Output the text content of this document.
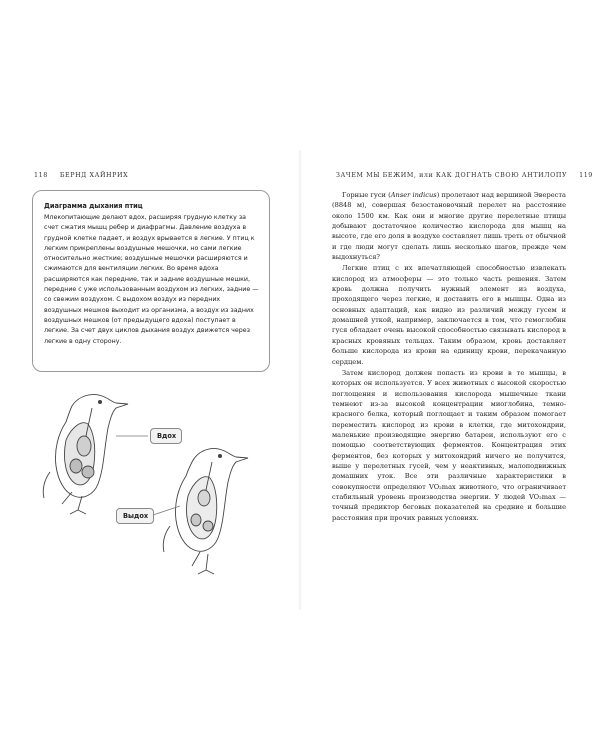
118 БЕРНД ХАЙНРИХ

Диаграмма дыхания птиц

Млекопитающие делают вдох, расширяя грудную клетку за счет сжатия мышц ребер и диафрагмы. Давление воздуха в грудной клетке падает, и воздух врывается в легкие. У птиц к легким прикреплены воздушные мешочки, но сами легкие относительно жесткие; воздушные мешочки расширяются и сжимаются для вентиляции легких. Во время вдоха расширяются как передние, так и задние воздушные мешки, передние с уже использованным воздухом из легких, задние — со свежим воздухом. С выдохом воздух из передних воздушных мешков выходит из организма, а воздух из задних воздушных мешков (от предыдущего вдоха) поступает в легкие. За счет двух циклов дыхания воздух движется через легкие в одну сторону.

Вдох
Выдох
ЗАЧЕМ МЫ БЕЖИМ, или КАК ДОГНАТЬ СВОЮ АНТИЛОПУ 119

Горные гуси (Anser indicus) пролетают над вершиной Эвереста (8848 м), совершая безостановочный перелет на расстояние около 1500 км. Как они и многие другие перелетные птицы добывают достаточное количество кислорода для мышц на высоте, где его доля в воздухе составляет лишь треть от обычной и где люди могут сделать лишь несколько шагов, прежде чем выдохнуться?

Легкие птиц с их впечатляющей способностью извлекать кислород из атмосферы — это только часть решения. Затем кровь должна получить нужный элемент из воздуха, проходящего через легкие, и доставить его в мышцы. Одна из основных адаптаций, как видно из различий между гусем и домашней уткой, например, заключается в том, что гемоглобин гуся обладает очень высокой способностью связывать кислород в красных кровяных тельцах. Таким образом, кровь доставляет больше кислорода из крови на единицу крови, перекачанную сердцем.

Затем кислород должен попасть из крови в те мышцы, в которых он используется. У всех животных с высокой скоростью поглощения и использования кислорода мышечные ткани темнеют из-за высокой концентрации миоглобина, темно-красного белка, который поглощает и таким образом помогает переместить кислород из крови в клетки, где митохондрии, маленькие производящие энергию батареи, используют его с помощью соответствующих ферментов. Концентрация этих ферментов, без которых у митохондрий ничего не получится, выше у перелетных гусей, чем у неактивных, малоподвижных домашних уток. Все эти различные характеристики в совокупности определяют VO₂max животного, что ограничивает стабильный уровень производства энергии. У людей VO₂max — точный предиктор беговых показателей на средние и большие расстояния при прочих равных условиях.
